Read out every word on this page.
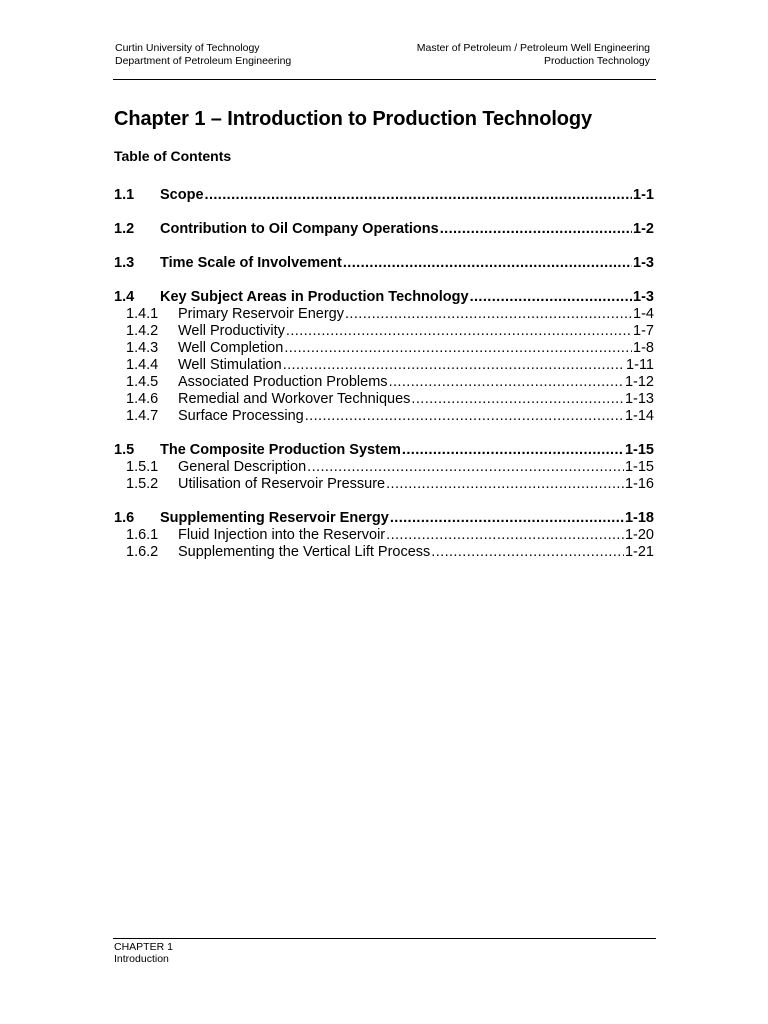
Curtin University of Technology
Department of Petroleum Engineering
Master of Petroleum / Petroleum Well Engineering
Production Technology
Chapter 1 – Introduction to Production Technology
Table of Contents
1.1	Scope .....	1-1
1.2	Contribution to Oil Company Operations .....	1-2
1.3	Time Scale of Involvement .....	1-3
1.4	Key Subject Areas in Production Technology .....	1-3
1.4.1	Primary Reservoir Energy .....	1-4
1.4.2	Well Productivity .....	1-7
1.4.3	Well Completion .....	1-8
1.4.4	Well Stimulation .....	1-11
1.4.5	Associated Production Problems .....	1-12
1.4.6	Remedial and Workover Techniques .....	1-13
1.4.7	Surface Processing .....	1-14
1.5	The Composite Production System .....	1-15
1.5.1	General Description .....	1-15
1.5.2	Utilisation of Reservoir Pressure .....	1-16
1.6	Supplementing Reservoir Energy .....	1-18
1.6.1	Fluid Injection into the Reservoir .....	1-20
1.6.2	Supplementing the Vertical Lift Process .....	1-21
CHAPTER 1
Introduction
